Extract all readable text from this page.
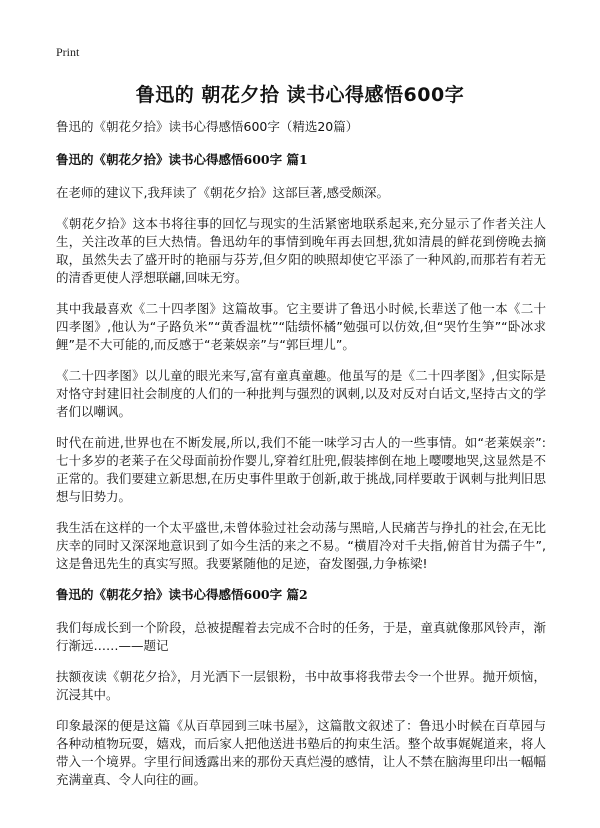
Print
鲁迅的 朝花夕拾 读书心得感悟600字
鲁迅的《朝花夕拾》读书心得感悟600字（精选20篇）
鲁迅的《朝花夕拾》读书心得感悟600字 篇1

在老师的建议下,我拜读了《朝花夕拾》这部巨著,感受颇深。

《朝花夕拾》这本书将往事的回忆与现实的生活紧密地联系起来,充分显示了作者关注人生，关注改革的巨大热情。鲁迅幼年的事情到晚年再去回想,犹如清晨的鲜花到傍晚去摘取，虽然失去了盛开时的艳丽与芬芳,但夕阳的映照却使它平添了一种风韵,而那若有若无的清香更使人浮想联翩,回味无穷。

其中我最喜欢《二十四孝图》这篇故事。它主要讲了鲁迅小时候,长辈送了他一本《二十四孝图》,他认为“子路负米”“黄香温枕”“陆绩怀橘”勉强可以仿效,但“哭竹生笋”“卧冰求鲤”是不大可能的,而反感于“老莱娱亲”与“郭巨埋儿”。

《二十四孝图》以儿童的眼光来写,富有童真童趣。他虽写的是《二十四孝图》,但实际是对恪守封建旧社会制度的人们的一种批判与强烈的讽刺,以及对反对白话文,坚持古文的学者们以嘲讽。

时代在前进,世界也在不断发展,所以,我们不能一味学习古人的一些事情。如“老莱娱亲”:七十多岁的老莱子在父母面前扮作婴儿,穿着红肚兜,假装摔倒在地上嘤嘤地哭,这显然是不正常的。我们要建立新思想,在历史事件里敢于创新,敢于挑战,同样要敢于讽刺与批判旧思想与旧势力。

我生活在这样的一个太平盛世,未曾体验过社会动荡与黑暗,人民痛苦与挣扎的社会,在无比庆幸的同时又深深地意识到了如今生活的来之不易。“横眉冷对千夫指,俯首甘为孺子牛”,这是鲁迅先生的真实写照。我要紧随他的足迹，奋发图强,力争栋梁!

鲁迅的《朝花夕拾》读书心得感悟600字 篇2

我们每成长到一个阶段，总被提醒着去完成不合时的任务，于是，童真就像那风铃声，渐行渐远……——题记

扶额夜读《朝花夕拾》，月光洒下一层银粉，书中故事将我带去令一个世界。抛开烦恼，沉浸其中。

印象最深的便是这篇《从百草园到三味书屋》，这篇散文叙述了：鲁迅小时候在百草园与各种动植物玩耍，嬉戏，而后家人把他送进书塾后的拘束生活。整个故事娓娓道来，将人带入一个境界。字里行间透露出来的那份天真烂漫的感情，让人不禁在脑海里印出一幅幅充满童真、令人向往的画。
